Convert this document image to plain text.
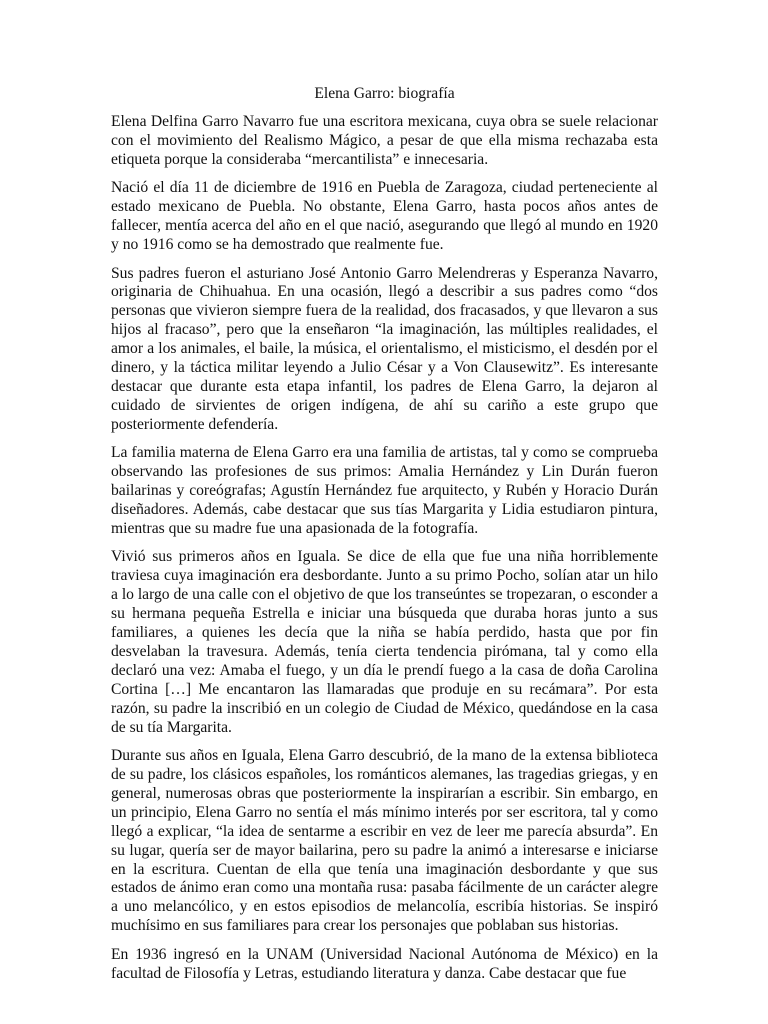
Elena Garro: biografía

Elena Delfina Garro Navarro fue una escritora mexicana, cuya obra se suele relacionar con el movimiento del Realismo Mágico, a pesar de que ella misma rechazaba esta etiqueta porque la consideraba “mercantilista” e innecesaria.

Nació el día 11 de diciembre de 1916 en Puebla de Zaragoza, ciudad perteneciente al estado mexicano de Puebla. No obstante, Elena Garro, hasta pocos años antes de fallecer, mentía acerca del año en el que nació, asegurando que llegó al mundo en 1920 y no 1916 como se ha demostrado que realmente fue.

Sus padres fueron el asturiano José Antonio Garro Melendreras y Esperanza Navarro, originaria de Chihuahua. En una ocasión, llegó a describir a sus padres como “dos personas que vivieron siempre fuera de la realidad, dos fracasados, y que llevaron a sus hijos al fracaso”, pero que la enseñaron “la imaginación, las múltiples realidades, el amor a los animales, el baile, la música, el orientalismo, el misticismo, el desdén por el dinero, y la táctica militar leyendo a Julio César y a Von Clausewitz”. Es interesante destacar que durante esta etapa infantil, los padres de Elena Garro, la dejaron al cuidado de sirvientes de origen indígena, de ahí su cariño a este grupo que posteriormente defendería.

La familia materna de Elena Garro era una familia de artistas, tal y como se comprueba observando las profesiones de sus primos: Amalia Hernández y Lin Durán fueron bailarinas y coreógrafas; Agustín Hernández fue arquitecto, y Rubén y Horacio Durán diseñadores. Además, cabe destacar que sus tías Margarita y Lidia estudiaron pintura, mientras que su madre fue una apasionada de la fotografía.

Vivió sus primeros años en Iguala. Se dice de ella que fue una niña horriblemente traviesa cuya imaginación era desbordante. Junto a su primo Pocho, solían atar un hilo a lo largo de una calle con el objetivo de que los transeúntes se tropezaran, o esconder a su hermana pequeña Estrella e iniciar una búsqueda que duraba horas junto a sus familiares, a quienes les decía que la niña se había perdido, hasta que por fin desvelaban la travesura. Además, tenía cierta tendencia pirómana, tal y como ella declaró una vez: Amaba el fuego, y un día le prendí fuego a la casa de doña Carolina Cortina […] Me encantaron las llamaradas que produje en su recámara”. Por esta razón, su padre la inscribió en un colegio de Ciudad de México, quedándose en la casa de su tía Margarita.

Durante sus años en Iguala, Elena Garro descubrió, de la mano de la extensa biblioteca de su padre, los clásicos españoles, los románticos alemanes, las tragedias griegas, y en general, numerosas obras que posteriormente la inspirarían a escribir. Sin embargo, en un principio, Elena Garro no sentía el más mínimo interés por ser escritora, tal y como llegó a explicar, “la idea de sentarme a escribir en vez de leer me parecía absurda”. En su lugar, quería ser de mayor bailarina, pero su padre la animó a interesarse e iniciarse en la escritura. Cuentan de ella que tenía una imaginación desbordante y que sus estados de ánimo eran como una montaña rusa: pasaba fácilmente de un carácter alegre a uno melancólico, y en estos episodios de melancolía, escribía historias. Se inspiró muchísimo en sus familiares para crear los personajes que poblaban sus historias.

En 1936 ingresó en la UNAM (Universidad Nacional Autónoma de México) en la facultad de Filosofía y Letras, estudiando literatura y danza. Cabe destacar que fue
